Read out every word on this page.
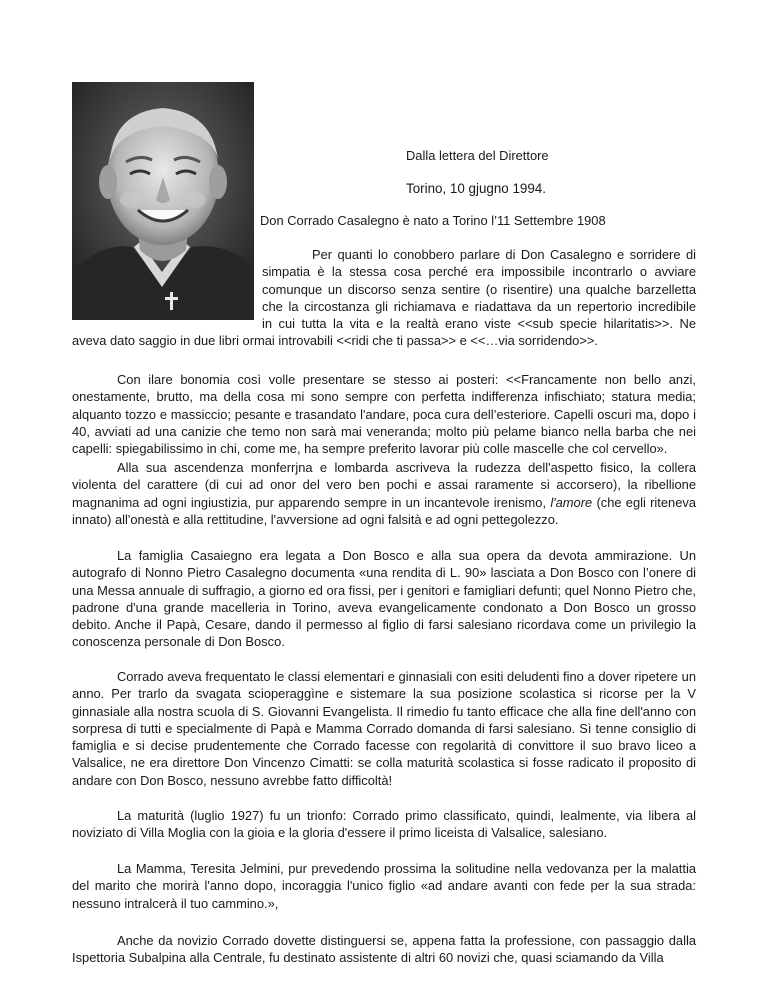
Dalla lettera del Direttore
Torino, 10 gjugno 1994.
Don Corrado Casalegno è nato a Torino l’11 Settembre 1908
Per quanti lo conobbero parlare di Don Casalegno e sorridere di
simpatia è la stessa cosa perché era impossibile incontrarlo o avviare
comunque un discorso senza sentire (o risentire) una qualche barzelletta
che la circostanza gli richiamava e riadattava da un repertorio incredibile
in cui tutta la vita e la realtà erano viste <<sub specie hilaritatis>>. Ne
aveva dato saggio in due libri ormai introvabili <<ridi che ti passa>> e <<…via sorridendo>>.
Con ilare bonomia così volle presentare se stesso ai posteri: <<Francamente non bello anzi, onestamente, brutto, ma della cosa mi sono sempre con perfetta indifferenza infischiato; statura media; alquanto tozzo e massiccio; pesante e trasandato l'andare, poca cura dell’esteriore. Capelli oscuri ma, dopo i 40, avviati ad una canizie che temo non sarà mai veneranda; molto più pelame bianco nella barba che nei capelli: spiegabilissimo in chi, come me, ha sempre preferito lavorar più colle mascelle che col cervello».
Alla sua ascendenza monferrjna e lombarda ascriveva la rudezza dell'aspetto fisico, la collera violenta del carattere (di cui ad onor del vero ben pochi e assai raramente si accorsero), la ribellione magnanima ad ogni ingiustizia, pur apparendo sempre in un incantevole irenismo, l'amore (che egli riteneva innato) all'onestà e alla rettitudine, l'avversione ad ogni falsità e ad ogni pettegolezzo.
La famiglia Casaiegno era legata a Don Bosco e alla sua opera da devota ammirazione. Un autografo di Nonno Pietro Casalegno documenta «una rendita di L. 90» lasciata a Don Bosco con l’onere di una Messa annuale di suffragio, a giorno ed ora fissi, per i genitori e famigliari defunti; quel Nonno Pietro che, padrone d'una grande macelleria in Torino, aveva evangelicamente condonato a Don Bosco un grosso debito. Anche il Papà, Cesare, dando il permesso al figlio di farsi salesiano ricordava come un privilegio la conoscenza personale di Don Bosco.
Corrado aveva frequentato le classi elementari e ginnasiali con esiti deludenti fino a dover ripetere un anno. Per trarlo da svagata scioperaggìne e sistemare la sua posizione scolastica si ricorse per la V ginnasiale alla nostra scuola di S. Giovanni Evangelista. Il rimedio fu tanto efficace che alla fine dell'anno con sorpresa di tutti e specialmente di Papà e Mamma Corrado domanda di farsi salesiano. Sì tenne consiglio di famiglia e si decise prudentemente che Corrado facesse con regolarità di convittore il suo bravo liceo a Valsalice, ne era direttore Don Vincenzo Cimatti: se colla maturità scolastica si fosse radicato il proposito di andare con Don Bosco, nessuno avrebbe fatto difficoltà!
La maturità (luglio 1927) fu un trionfo: Corrado primo classificato, quindi, lealmente, via libera al noviziato di Villa Moglia con la gioia e la gloria d'essere il primo liceista di Valsalice, salesiano.
La Mamma, Teresita Jelmini, pur prevedendo prossima la solitudine nella vedovanza per la malattia del marito che morirà l'anno dopo, incoraggia l'unico figlio «ad andare avanti con fede per la sua strada: nessuno intralcerà il tuo cammino.»,
Anche da novizio Corrado dovette distinguersi se, appena fatta la professione, con passaggio dalla Ispettoria Subalpina alla Centrale, fu destinato assistente di altri 60 novizi che, quasi sciamando da Villa
